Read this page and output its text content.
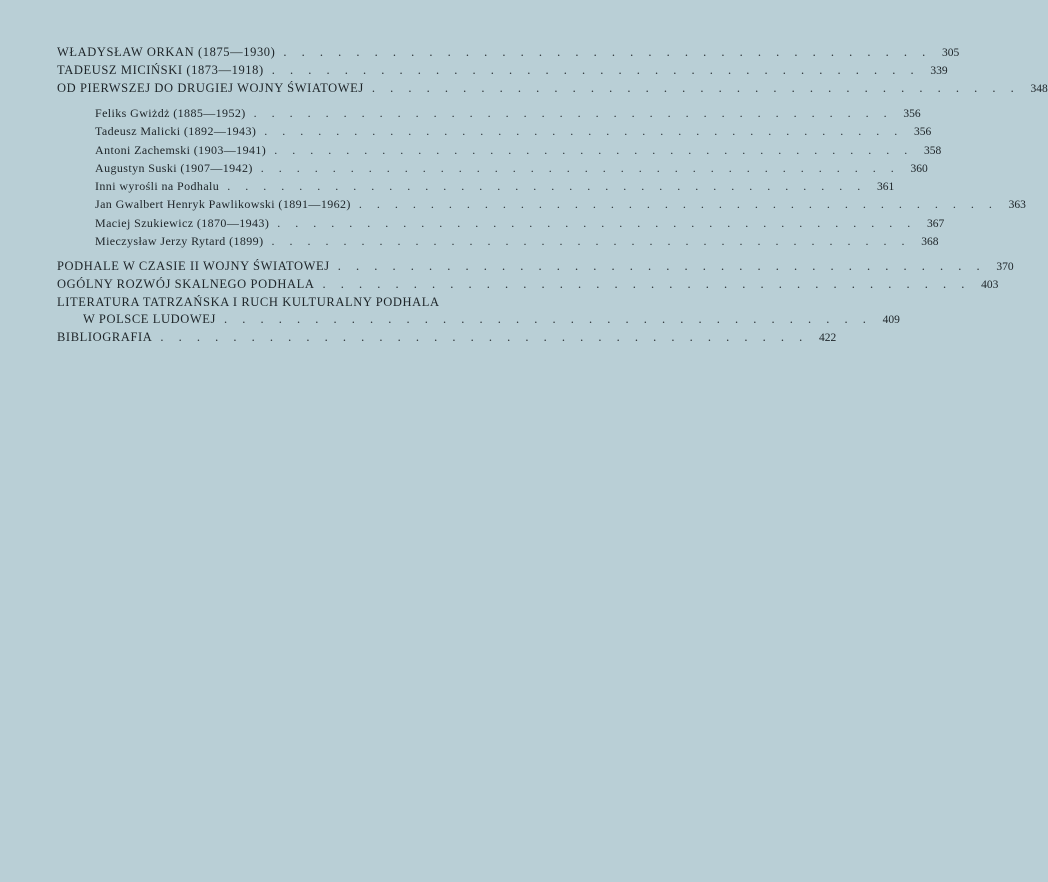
WŁADYSŁAW ORKAN (1875—1930) . . . . . . . . . . . . . . . . . . . . . . . . . . . . . . . . . . . . 305
TADEUSZ MICIŃSKI (1873—1918) . . . . . . . . . . . . . . . . . . . . . . . . . . . . . . . . . . . . 339
OD PIERWSZEJ DO DRUGIEJ WOJNY ŚWIATOWEJ . . . . . . . . . . . . . . . . . . . . . . . . . . . . . . . . . . . . 348
Feliks Gwiżdż (1885—1952) . . . . . . . . . . . . . . . . . . . . . . . . . . . . . . . . . . . . 356
Tadeusz Malicki (1892—1943) . . . . . . . . . . . . . . . . . . . . . . . . . . . . . . . . . . . . 356
Antoni Zachemski (1903—1941) . . . . . . . . . . . . . . . . . . . . . . . . . . . . . . . . . . . . 358
Augustyn Suski (1907—1942) . . . . . . . . . . . . . . . . . . . . . . . . . . . . . . . . . . . . 360
Inni wyrośli na Podhalu . . . . . . . . . . . . . . . . . . . . . . . . . . . . . . . . . . . . 361
Jan Gwalbert Henryk Pawlikowski (1891—1962) . . . . . . . . . . . . . . . . . . . . . . . . . . . . . . . . . . . . 363
Maciej Szukiewicz (1870—1943) . . . . . . . . . . . . . . . . . . . . . . . . . . . . . . . . . . . . 367
Mieczysław Jerzy Rytard (1899) . . . . . . . . . . . . . . . . . . . . . . . . . . . . . . . . . . . . 368
PODHALE W CZASIE II WOJNY ŚWIATOWEJ . . . . . . . . . . . . . . . . . . . . . . . . . . . . . . . . . . . . 370
OGÓLNY ROZWÓJ SKALNEGO PODHALA . . . . . . . . . . . . . . . . . . . . . . . . . . . . . . . . . . . . 403
LITERATURA TATRZAŃSKA I RUCH KULTURALNY PODHALA
W POLSCE LUDOWEJ . . . . . . . . . . . . . . . . . . . . . . . . . . . . . . . . . . . . 409
BIBLIOGRAFIA . . . . . . . . . . . . . . . . . . . . . . . . . . . . . . . . . . . . 422
